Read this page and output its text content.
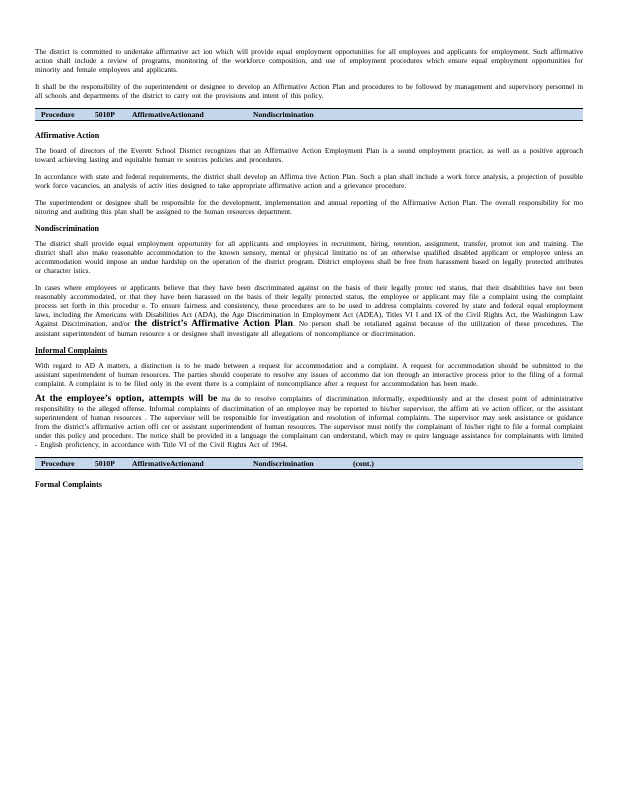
The district is committed to undertake affirmative act ion which will provide equal employment opportunities for all employees and applicants for employment. Such affirmative action shall include a review of programs, monitoring of the workforce composition, and use of employment procedures which ensure equal employment opportunities for minority and female employees and applicants.

It shall be the responsibility of the superintendent or designee to develop an Affirmative Action Plan and procedures to be followed by management and supervisory personnel in all schools and departments of the district to carry out the provisions and intent of this policy.

Procedure	5010P AffirmativeActionand	Nondiscrimination
Affirmative Action

The board of directors of the Everett School District recognizes that an Affirmative Action Employment Plan is a sound employment practice, as well as a positive approach toward achieving lasting and equitable human re sources policies and procedures.

In accordance with state and federal requirements, the district shall develop an Affirma tive Action Plan. Such a plan shall include a work force analysis, a projection of possible work force vacancies, an analysis of activ ities designed to take appropriate affirmative action and a grievance procedure.

The superintendent or designee shall be responsible for the development, implementation and annual reporting of the Affirmative Action Plan. The overall responsibility for mo nitoring and auditing this plan shall be assigned to the human resources department.

Nondiscrimination

The district shall provide equal employment opportunity for all applicants and employees in recruitment, hiring, retention, assignment, transfer, promot ion and training. The district shall also make reasonable accommodation to the known sensory, mental or physical limitatio ns of an otherwise qualified disabled applicant or employee unless an accommodation would impose an undue hardship on the operation of the district program. District employees shall be free from harassment based on legally protected attributes or character istics.

In cases where employees or applicants believe that they have been discriminated against on the basis of their legally protec ted status, that their disabilities have not been reasonably accommodated, or that they have been harassed on the basis of their legally protected status, the employee or applicant may file a complaint using the complaint process set forth in this procedur e. To ensure fairness and consistency, these procedures are to be used to address complaints covered by state and federal equal employment laws, including the Americans with Disabilities Act (ADA), the Age Discrimination in Employment Act (ADEA), Titles VI I and IX of the Civil Rights Act, the Washington Law Against Discrimination, and/or the district’s Affirmative Action Plan. No person shall be retaliated against because of the utilization of these procedures. The assistant superintendent of human resource s or designee shall investigate all allegations of noncompliance or discrimination.

Informal Complaints

With regard to AD A matters, a distinction is to be made between a request for accommodation and a complaint. A request for accommodation should be submitted to the assistant superintendent of human resources. The parties should cooperate to resolve any issues of accommo dat ion through an interactive process prior to the filing of a formal complaint. A complaint is to be filed only in the event there is a complaint of noncompliance after a request for accommodation has been made.

At the employee’s option, attempts will be ma de to resolve complaints of discrimination informally, expeditiously and at the closest point of administrative responsibility to the alleged offense. Informal complaints of discrimination of an employee may be reported to his/her supervisor, the affirm ati ve action officer, or the assistant superintendent of human resources . The supervisor will be responsible for investigation and resolution of informal complaints. The supervisor may seek assistance or guidance from the district’s affirmative action offi cer or assistant superintendent of human resources. The supervisor must notify the complainant of his/her right to file a formal complaint under this policy and procedure. The notice shall be provided in a language the complainant can understand, which may re quire language assistance for complainants with limited - English proficiency, in accordance with Title VI of the Civil Rights Act of 1964.

Procedure	5010P AffirmativeActionand	Nondiscrimination	(cont.)
Formal Complaints
